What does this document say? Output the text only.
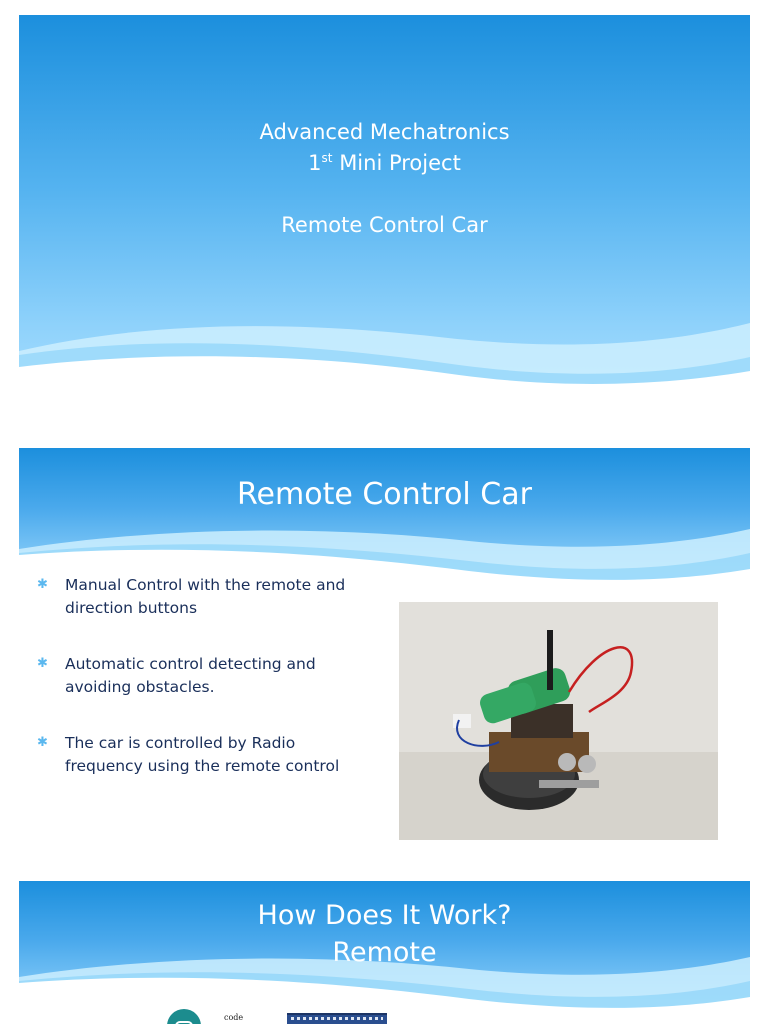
Advanced Mechatronics
1st Mini Project
Remote Control Car
Remote Control Car
✱ Manual Control with the remote and direction buttons
✱ Automatic control detecting and avoiding obstacles.
✱ The car is controlled by Radio frequency using the remote control
How Does It Work?
Remote
code
